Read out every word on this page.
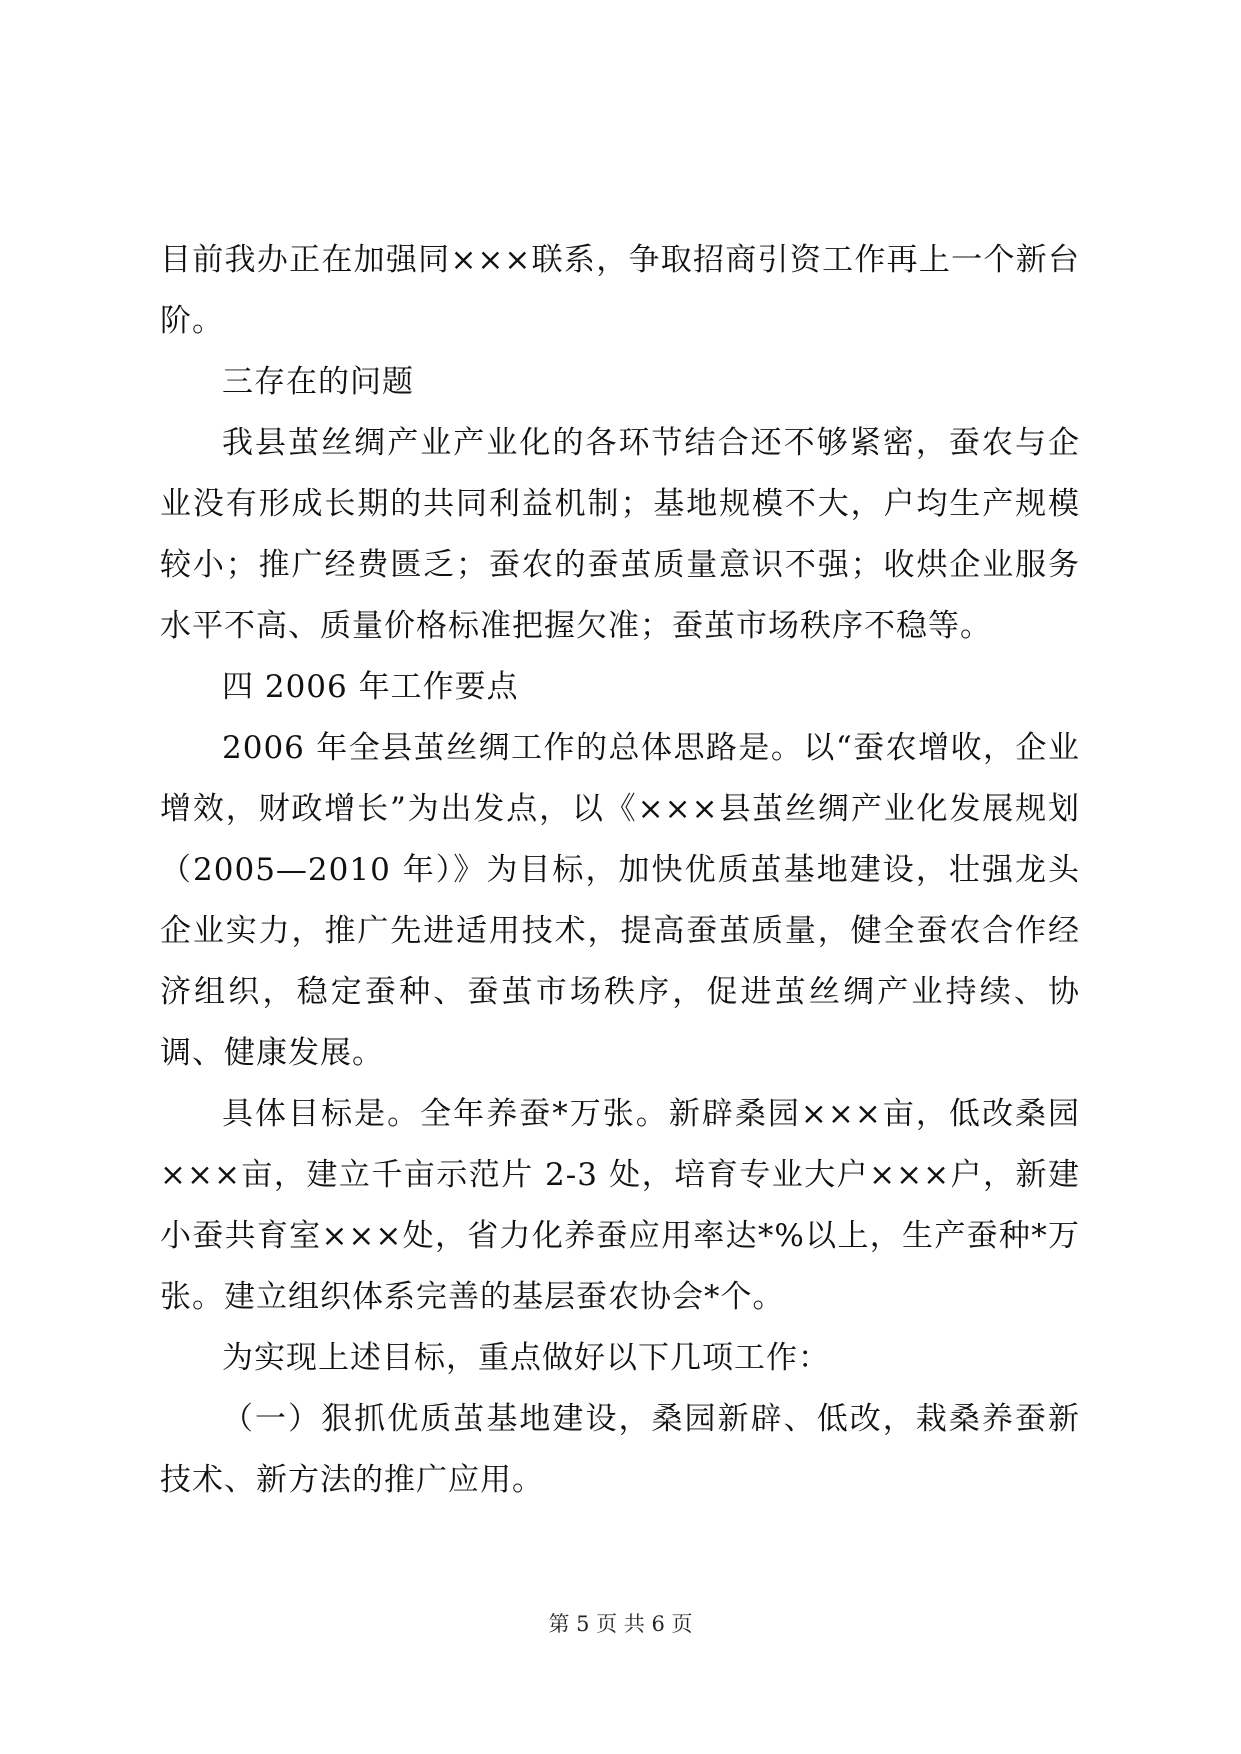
目前我办正在加强同×××联系，争取招商引资工作再上一个新台阶。

三存在的问题

我县茧丝绸产业产业化的各环节结合还不够紧密，蚕农与企业没有形成长期的共同利益机制；基地规模不大，户均生产规模较小；推广经费匮乏；蚕农的蚕茧质量意识不强；收烘企业服务水平不高、质量价格标准把握欠准；蚕茧市场秩序不稳等。

四 2006 年工作要点

2006 年全县茧丝绸工作的总体思路是。以“蚕农增收，企业增效，财政增长”为出发点，以《×××县茧丝绸产业化发展规划（2005—2010 年）》为目标，加快优质茧基地建设，壮强龙头企业实力，推广先进适用技术，提高蚕茧质量，健全蚕农合作经济组织，稳定蚕种、蚕茧市场秩序，促进茧丝绸产业持续、协调、健康发展。

具体目标是。全年养蚕*万张。新辟桑园×××亩，低改桑园×××亩，建立千亩示范片 2-3 处，培育专业大户×××户，新建小蚕共育室×××处，省力化养蚕应用率达*%以上，生产蚕种*万张。建立组织体系完善的基层蚕农协会*个。

为实现上述目标，重点做好以下几项工作：

（一）狠抓优质茧基地建设，桑园新辟、低改，栽桑养蚕新技术、新方法的推广应用。

第 5 页 共 6 页
